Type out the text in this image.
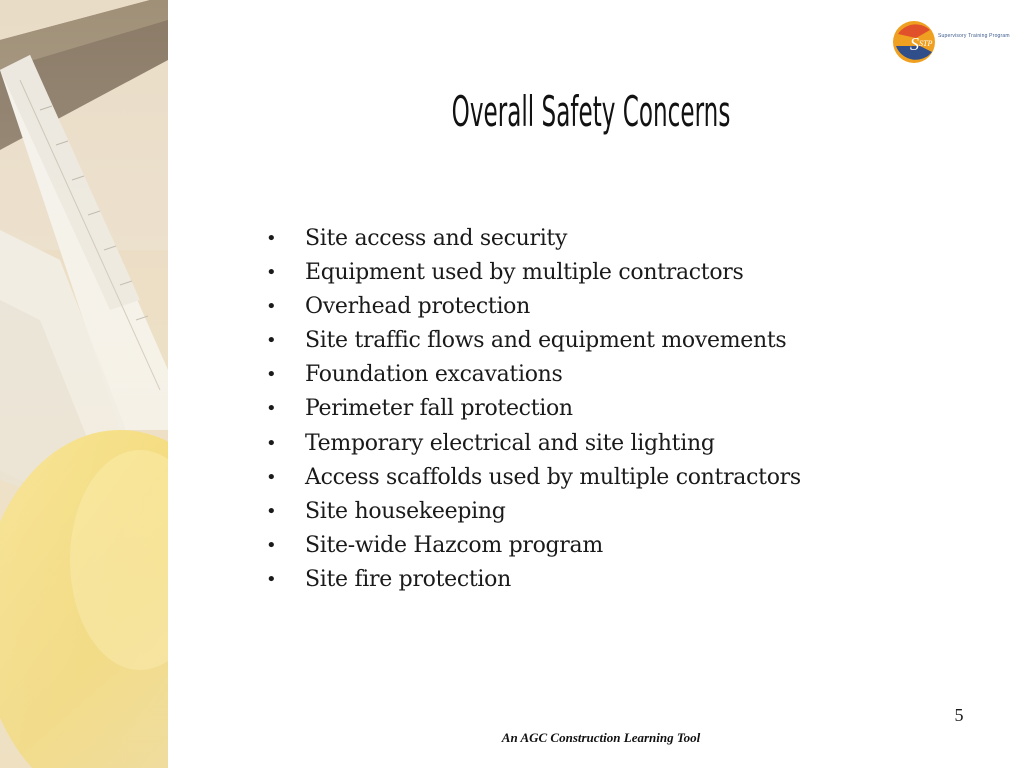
S STP
Supervisory Training Program
Overall Safety Concerns
• Site access and security
• Equipment used by multiple contractors
• Overhead protection
• Site traffic flows and equipment movements
• Foundation excavations
• Perimeter fall protection
• Temporary electrical and site lighting
• Access scaffolds used by multiple contractors
• Site housekeeping
• Site-wide Hazcom program
• Site fire protection
5
An AGC Construction Learning Tool
